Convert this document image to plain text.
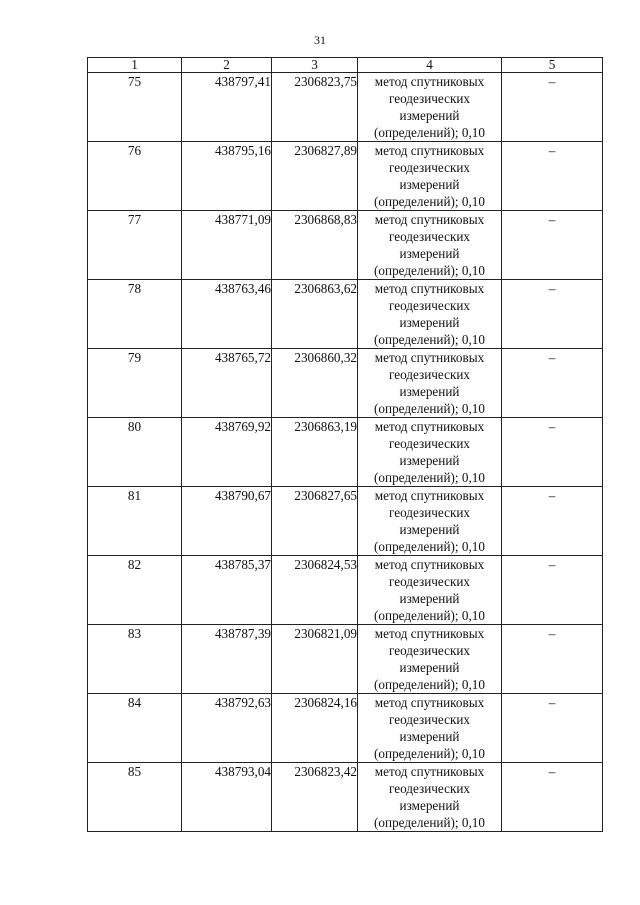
31
1	2	3	4	5
75	438797,41	2306823,75	метод спутниковых
геодезических
измерений
(определений); 0,10	–
76	438795,16	2306827,89	метод спутниковых
геодезических
измерений
(определений); 0,10	–
77	438771,09	2306868,83	метод спутниковых
геодезических
измерений
(определений); 0,10	–
78	438763,46	2306863,62	метод спутниковых
геодезических
измерений
(определений); 0,10	–
79	438765,72	2306860,32	метод спутниковых
геодезических
измерений
(определений); 0,10	–
80	438769,92	2306863,19	метод спутниковых
геодезических
измерений
(определений); 0,10	–
81	438790,67	2306827,65	метод спутниковых
геодезических
измерений
(определений); 0,10	–
82	438785,37	2306824,53	метод спутниковых
геодезических
измерений
(определений); 0,10	–
83	438787,39	2306821,09	метод спутниковых
геодезических
измерений
(определений); 0,10	–
84	438792,63	2306824,16	метод спутниковых
геодезических
измерений
(определений); 0,10	–
85	438793,04	2306823,42	метод спутниковых
геодезических
измерений
(определений); 0,10	–
